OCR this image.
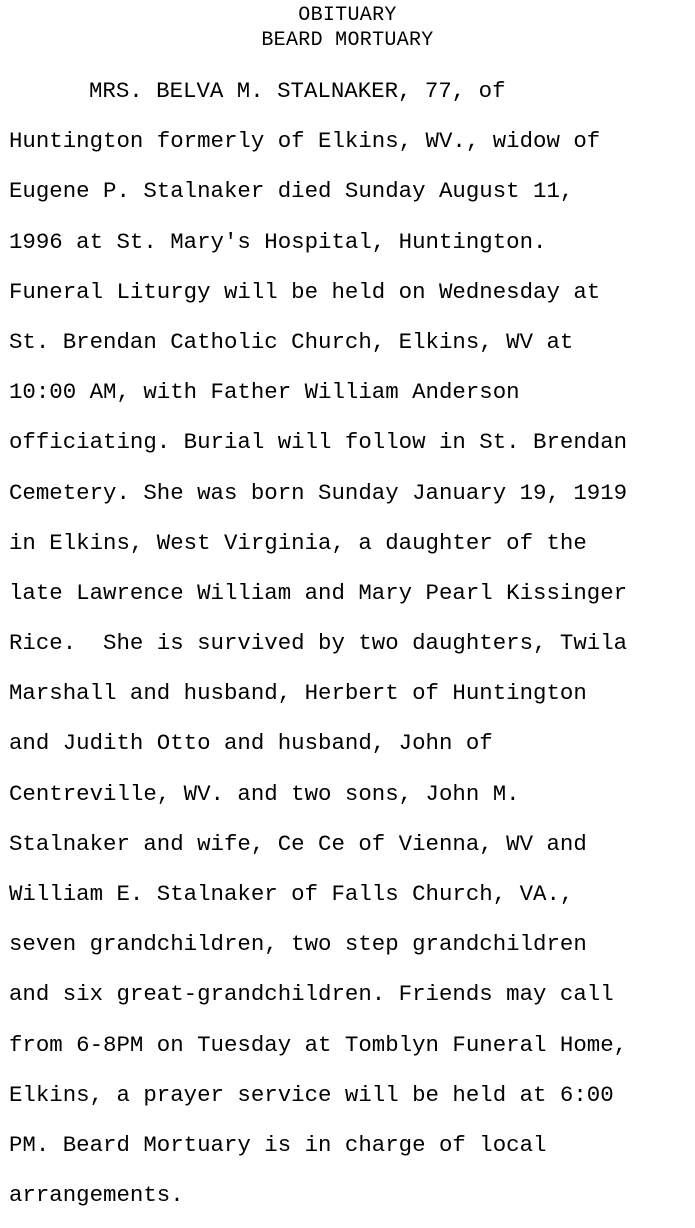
OBITUARY
BEARD MORTUARY
MRS. BELVA M. STALNAKER, 77, of
Huntington formerly of Elkins, WV., widow of
Eugene P. Stalnaker died Sunday August 11,
1996 at St. Mary's Hospital, Huntington.
Funeral Liturgy will be held on Wednesday at
St. Brendan Catholic Church, Elkins, WV at
10:00 AM, with Father William Anderson
officiating. Burial will follow in St. Brendan
Cemetery. She was born Sunday January 19, 1919
in Elkins, West Virginia, a daughter of the
late Lawrence William and Mary Pearl Kissinger
Rice.  She is survived by two daughters, Twila
Marshall and husband, Herbert of Huntington
and Judith Otto and husband, John of
Centreville, WV. and two sons, John M.
Stalnaker and wife, Ce Ce of Vienna, WV and
William E. Stalnaker of Falls Church, VA.,
seven grandchildren, two step grandchildren
and six great-grandchildren. Friends may call
from 6-8PM on Tuesday at Tomblyn Funeral Home,
Elkins, a prayer service will be held at 6:00
PM. Beard Mortuary is in charge of local
arrangements.
